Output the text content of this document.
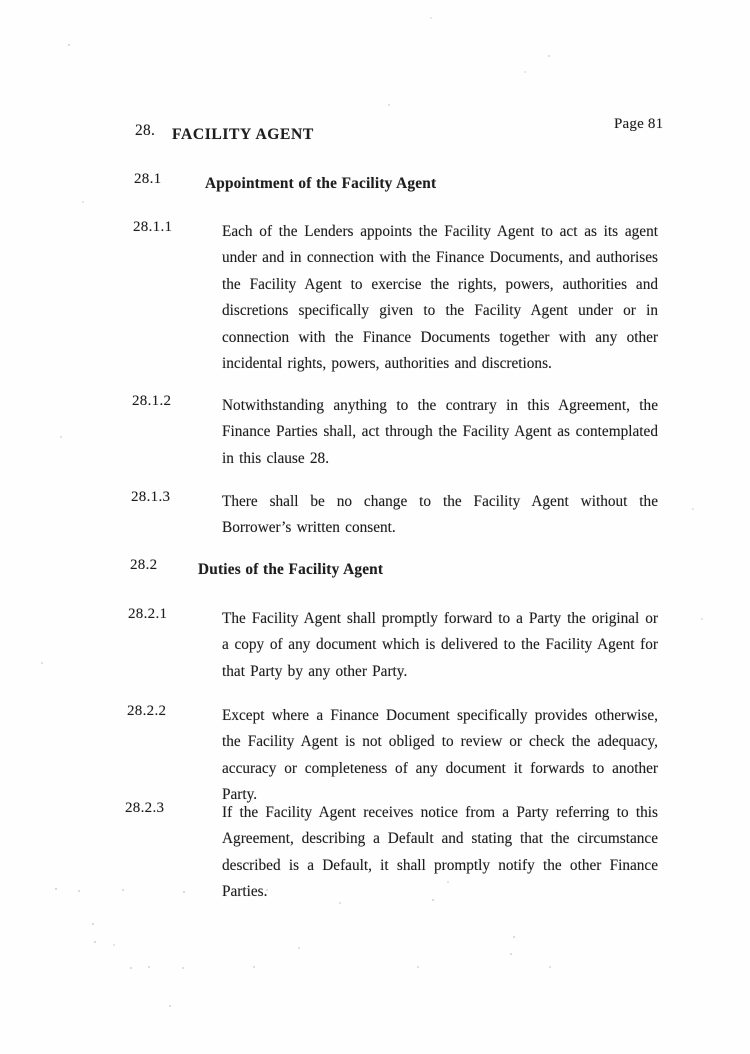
Page 81
28. FACILITY AGENT
28.1	Appointment of the Facility Agent
28.1.1	Each of the Lenders appoints the Facility Agent to act as its agent under and in connection with the Finance Documents, and authorises the Facility Agent to exercise the rights, powers, authorities and discretions specifically given to the Facility Agent under or in connection with the Finance Documents together with any other incidental rights, powers, authorities and discretions.
28.1.2	Notwithstanding anything to the contrary in this Agreement, the Finance Parties shall, act through the Facility Agent as contemplated in this clause 28.
28.1.3	There shall be no change to the Facility Agent without the Borrower’s written consent.
28.2	Duties of the Facility Agent
28.2.1	The Facility Agent shall promptly forward to a Party the original or a copy of any document which is delivered to the Facility Agent for that Party by any other Party.
28.2.2	Except where a Finance Document specifically provides otherwise, the Facility Agent is not obliged to review or check the adequacy, accuracy or completeness of any document it forwards to another Party.
28.2.3	If the Facility Agent receives notice from a Party referring to this Agreement, describing a Default and stating that the circumstance described is a Default, it shall promptly notify the other Finance Parties.
